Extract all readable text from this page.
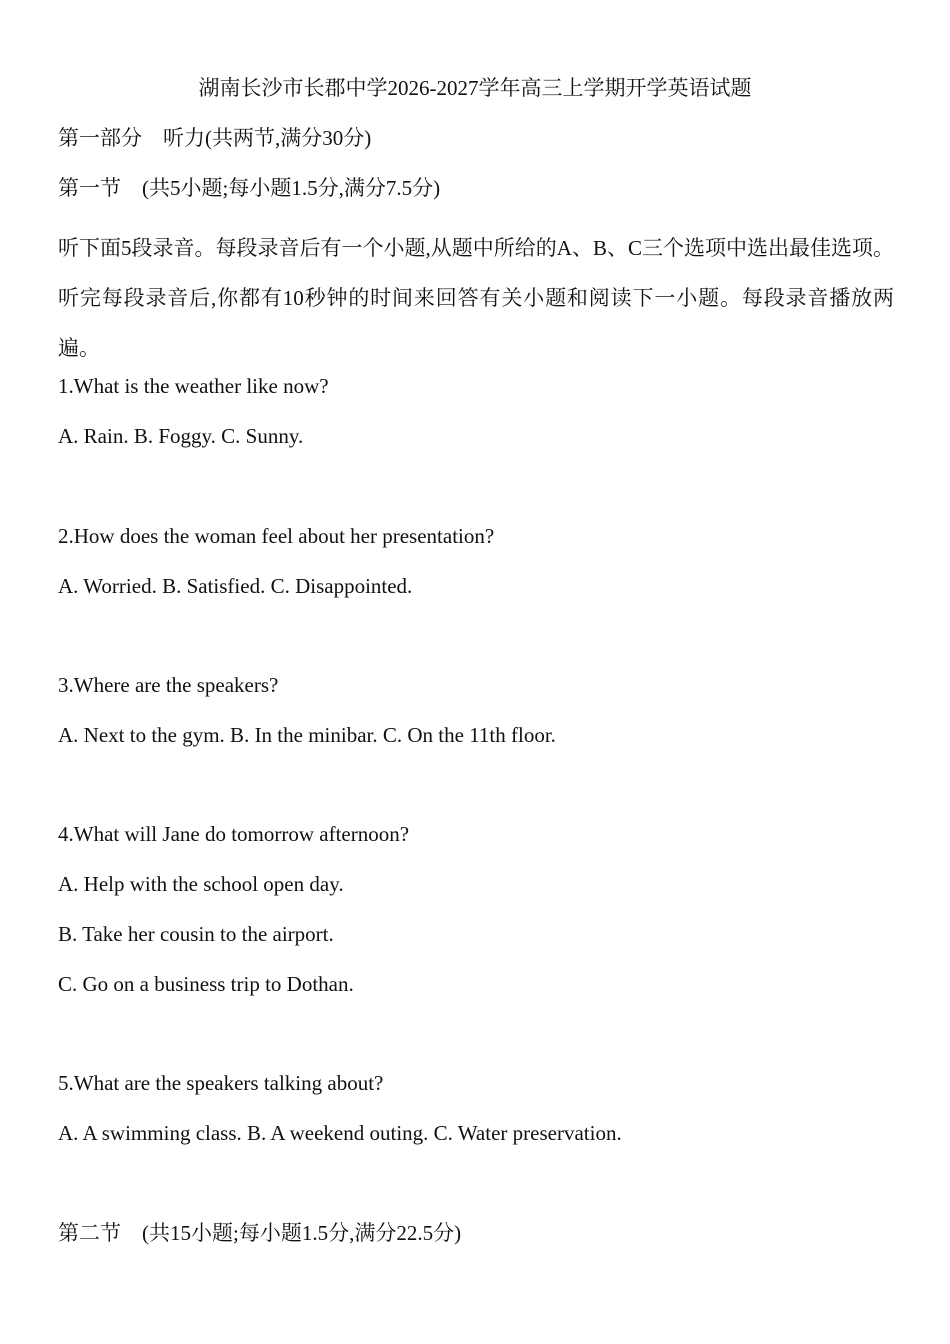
湖南长沙市长郡中学2026-2027学年高三上学期开学英语试题
第一部分　听力(共两节,满分30分)
第一节　(共5小题;每小题1.5分,满分7.5分)
听下面5段录音。每段录音后有一个小题,从题中所给的A、B、C三个选项中选出最佳选项。听完每段录音后,你都有10秒钟的时间来回答有关小题和阅读下一小题。每段录音播放两遍。
1.What is the weather like now?
A. Rain. B. Foggy. C. Sunny.
2.How does the woman feel about her presentation?
A. Worried. B. Satisfied. C. Disappointed.
3.Where are the speakers?
A. Next to the gym. B. In the minibar. C. On the 11th floor.
4.What will Jane do tomorrow afternoon?
A. Help with the school open day.
B. Take her cousin to the airport.
C. Go on a business trip to Dothan.
5.What are the speakers talking about?
A. A swimming class. B. A weekend outing. C. Water preservation.
第二节　(共15小题;每小题1.5分,满分22.5分)
